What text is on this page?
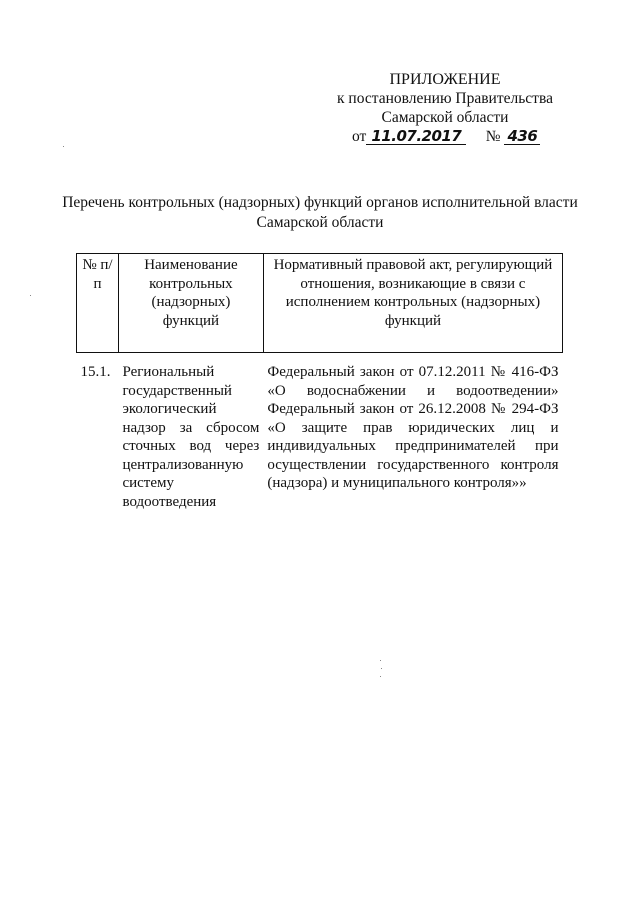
ПРИЛОЖЕНИЕ
к постановлению Правительства
Самарской области
от 11.07.2017 № 436
Перечень контрольных (надзорных) функций органов исполнительной власти Самарской области
№ п/п	Наименование контрольных (надзорных) функций	Нормативный правовой акт, регулирующий отношения, возникающие в связи с исполнением контрольных (надзорных) функций

15.1.	Региональный государственный экологический надзор за сбросом сточных вод через централизованную систему водоотведения	Федеральный закон от 07.12.2011 № 416-ФЗ «О водоснабжении и водоотведении» Федеральный закон от 26.12.2008 № 294-ФЗ «О защите прав юридических лиц и индивидуальных предпринимателей при осуществлении государственного контроля (надзора) и муниципального контроля»»
